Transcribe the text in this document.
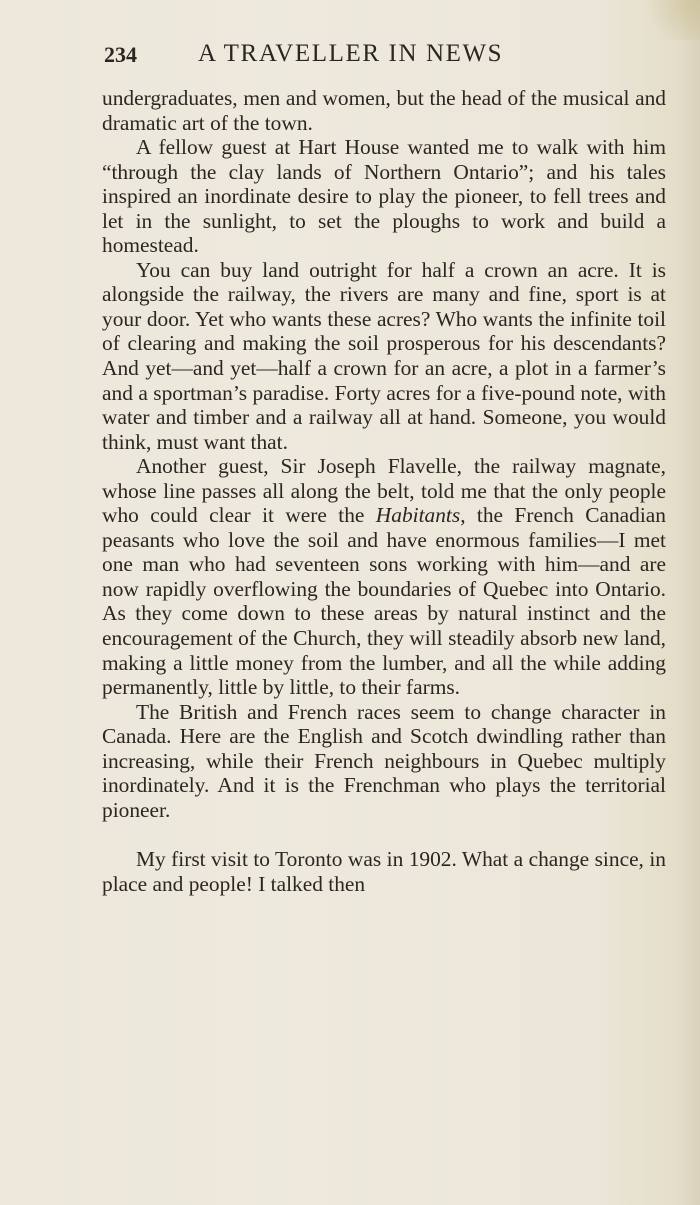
234 A TRAVELLER IN NEWS

undergraduates, men and women, but the head of the musical and dramatic art of the town.

A fellow guest at Hart House wanted me to walk with him “through the clay lands of Northern Ontario”; and his tales inspired an inordinate desire to play the pioneer, to fell trees and let in the sunlight, to set the ploughs to work and build a homestead.

You can buy land outright for half a crown an acre. It is alongside the railway, the rivers are many and fine, sport is at your door. Yet who wants these acres? Who wants the infinite toil of clearing and making the soil prosperous for his descendants? And yet—and yet—half a crown for an acre, a plot in a farmer’s and a sportman’s paradise. Forty acres for a five-pound note, with water and timber and a railway all at hand. Someone, you would think, must want that.

Another guest, Sir Joseph Flavelle, the railway magnate, whose line passes all along the belt, told me that the only people who could clear it were the Habitants, the French Canadian peasants who love the soil and have enormous families—I met one man who had seventeen sons working with him—and are now rapidly overflowing the boundaries of Quebec into Ontario. As they come down to these areas by natural instinct and the encouragement of the Church, they will steadily absorb new land, making a little money from the lumber, and all the while adding permanently, little by little, to their farms.

The British and French races seem to change character in Canada. Here are the English and Scotch dwindling rather than increasing, while their French neighbours in Quebec multiply inordinately. And it is the Frenchman who plays the territorial pioneer.

My first visit to Toronto was in 1902. What a change since, in place and people! I talked then
